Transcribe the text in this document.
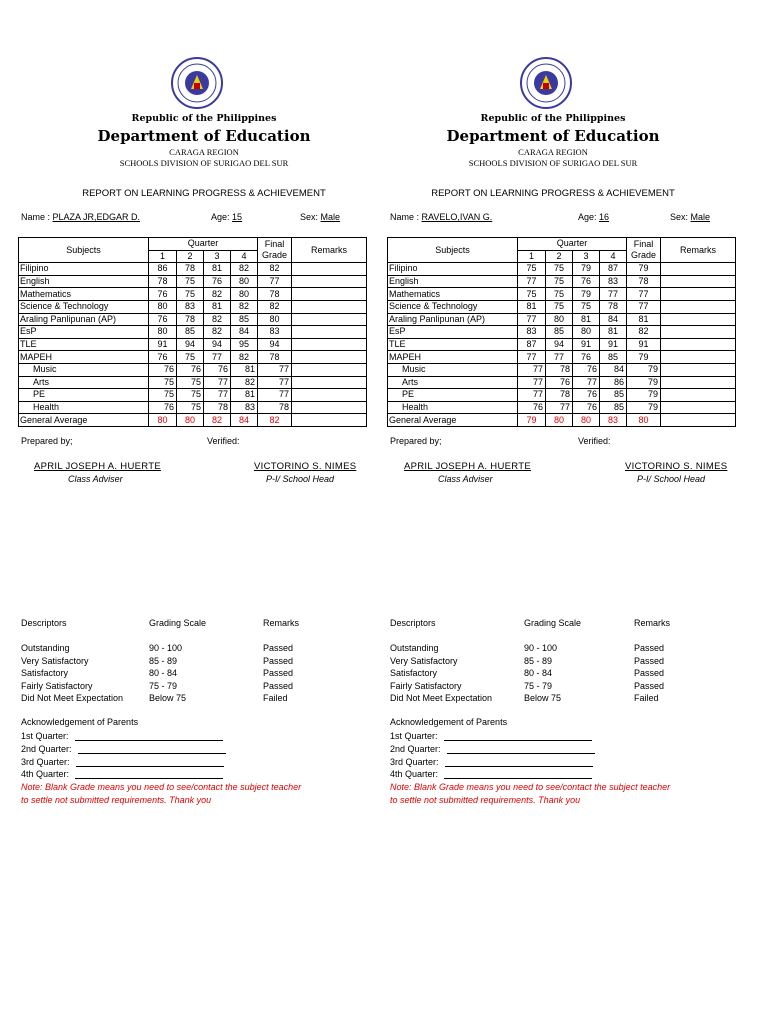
Republic of the Philippines
Department of Education
CARAGA REGION
SCHOOLS DIVISION OF SURIGAO DEL SUR
REPORT ON LEARNING PROGRESS & ACHIEVEMENT
Name : PLAZA JR,EDGAR D.	Age: 15	Sex: Male
Subjects	Quarter				Final
Grade	Remarks
	1	2	3	4		
Filipino	86	78	81	82	82	
English	78	75	76	80	77	
Mathematics	76	75	82	80	78	
Science & Technology	80	83	81	82	82	
Araling Panlipunan (AP)	76	78	82	85	80	
EsP	80	85	82	84	83	
TLE	91	94	94	95	94	
MAPEH	76	75	77	82	78	
Music	76	76	76	81	77	
Arts	75	75	77	82	77	
PE	75	75	77	81	77	
Health	76	75	78	83	78	
General Average	80	80	82	84	82	
Prepared by;	Verified:
APRIL JOSEPH A. HUERTE
Class Adviser
VICTORINO S. NIMES
P-I/ School Head
Descriptors	Grading Scale	Remarks
Outstanding	90 - 100	Passed
Very Satisfactory	85 - 89	Passed
Satisfactory	80 - 84	Passed
Fairly Satisfactory	75 - 79	Passed
Did Not Meet Expectation	Below 75	Failed
Acknowledgement of Parents
1st Quarter:
2nd Quarter:
3rd Quarter:
4th Quarter:
Note: Blank Grade means you need to see/contact the subject teacher
to settle not submitted requirements. Thank you
Republic of the Philippines
Department of Education
CARAGA REGION
SCHOOLS DIVISION OF SURIGAO DEL SUR
REPORT ON LEARNING PROGRESS & ACHIEVEMENT
Name : RAVELO,IVAN G.	Age: 16	Sex: Male
Subjects	Quarter				Final
Grade	Remarks
	1	2	3	4		
Filipino	75	75	79	87	79	
English	77	75	76	83	78	
Mathematics	75	75	79	77	77	
Science & Technology	81	75	75	78	77	
Araling Panlipunan (AP)	77	80	81	84	81	
EsP	83	85	80	81	82	
TLE	87	94	91	91	91	
MAPEH	77	77	76	85	79	
Music	77	78	76	84	79	
Arts	77	76	77	86	79	
PE	77	78	76	85	79	
Health	76	77	76	85	79	
General Average	79	80	80	83	80	
Prepared by;	Verified:
APRIL JOSEPH A. HUERTE
Class Adviser
VICTORINO S. NIMES
P-I/ School Head
Descriptors	Grading Scale	Remarks
Outstanding	90 - 100	Passed
Very Satisfactory	85 - 89	Passed
Satisfactory	80 - 84	Passed
Fairly Satisfactory	75 - 79	Passed
Did Not Meet Expectation	Below 75	Failed
Acknowledgement of Parents
1st Quarter:
2nd Quarter:
3rd Quarter:
4th Quarter:
Note: Blank Grade means you need to see/contact the subject teacher
to settle not submitted requirements. Thank you
